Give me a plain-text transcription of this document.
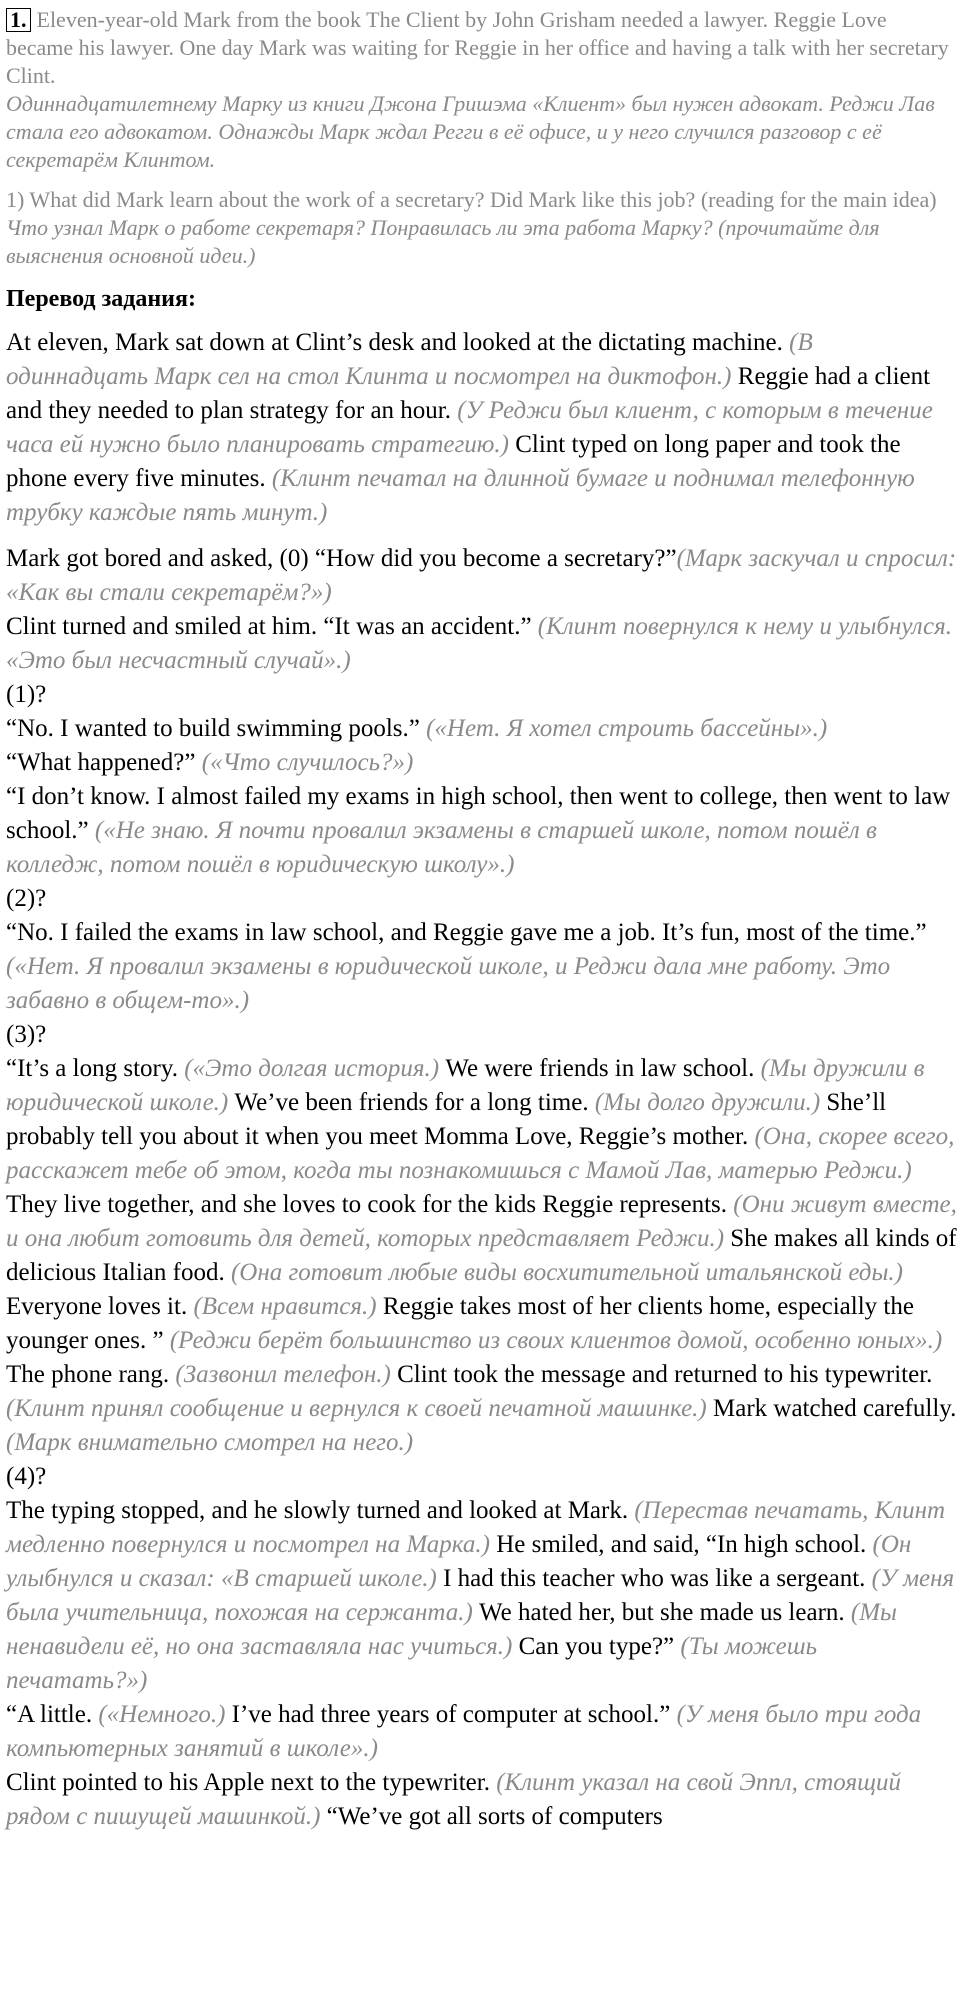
1. Eleven-year-old Mark from the book The Client by John Grisham needed a lawyer. Reggie Love became his lawyer. One day Mark was waiting for Reggie in her office and having a talk with her secretary Clint.

Одиннадцатилетнему Марку из книги Джона Гришэма «Клиент» был нужен адвокат. Реджи Лав стала его адвокатом. Однажды Марк ждал Регги в её офисе, и у него случился разговор с её секретарём Клинтом.

1) What did Mark learn about the work of a secretary? Did Mark like this job? (reading for the main idea)

Что узнал Марк о работе секретаря? Понравилась ли эта работа Марку? (прочитайте для выяснения основной идеи.)

Перевод задания:

At eleven, Mark sat down at Clint’s desk and looked at the dictating machine. (В одиннадцать Марк сел на стол Клинта и посмотрел на диктофон.) Reggie had a client and they needed to plan strategy for an hour. (У Реджи был клиент, с которым в течение часа ей нужно было планировать стратегию.) Clint typed on long paper and took the phone every five minutes. (Клинт печатал на длинной бумаге и поднимал телефонную трубку каждые пять минут.)

Mark got bored and asked, (0) “How did you become a secretary?”(Марк заскучал и спросил: «Как вы стали секретарём?»)

Clint turned and smiled at him. “It was an accident.” (Клинт повернулся к нему и улыбнулся. «Это был несчастный случай».)

(1)?

“No. I wanted to build swimming pools.” («Нет. Я хотел строить бассейны».)

“What happened?” («Что случилось?»)

“I don’t know. I almost failed my exams in high school, then went to college, then went to law school.” («Не знаю. Я почти провалил экзамены в старшей школе, потом пошёл в колледж, потом пошёл в юридическую школу».)

(2)?

“No. I failed the exams in law school, and Reggie gave me a job. It’s fun, most of the time.” («Нет. Я провалил экзамены в юридической школе, и Реджи дала мне работу. Это забавно в общем-то».)

(3)?

“It’s a long story. («Это долгая история.) We were friends in law school. (Мы дружили в юридической школе.) We’ve been friends for a long time. (Мы долго дружили.) She’ll probably tell you about it when you meet Momma Love, Reggie’s mother. (Она, скорее всего, расскажет тебе об этом, когда ты познакомишься с Мамой Лав, матерью Реджи.) They live together, and she loves to cook for the kids Reggie represents. (Они живут вместе, и она любит готовить для детей, которых представляет Реджи.) She makes all kinds of delicious Italian food. (Она готовит любые виды восхитительной итальянской еды.) Everyone loves it. (Всем нравится.) Reggie takes most of her clients home, especially the younger ones. ” (Реджи берёт большинство из своих клиентов домой, особенно юных».)

The phone rang. (Зазвонил телефон.) Clint took the message and returned to his typewriter. (Клинт принял сообщение и вернулся к своей печатной машинке.) Mark watched carefully. (Марк внимательно смотрел на него.)

(4)?

The typing stopped, and he slowly turned and looked at Mark. (Перестав печатать, Клинт медленно повернулся и посмотрел на Марка.) He smiled, and said, “In high school. (Он улыбнулся и сказал: «В старшей школе.) I had this teacher who was like a sergeant. (У меня была учительница, похожая на сержанта.) We hated her, but she made us learn. (Мы ненавидели её, но она заставляла нас учиться.) Can you type?” (Ты можешь печатать?»)

“A little. («Немного.) I’ve had three years of computer at school.” (У меня было три года компьютерных занятий в школе».)

Clint pointed to his Apple next to the typewriter. (Клинт указал на свой Эппл, стоящий рядом с пишущей машинкой.) “We’ve got all sorts of computers
